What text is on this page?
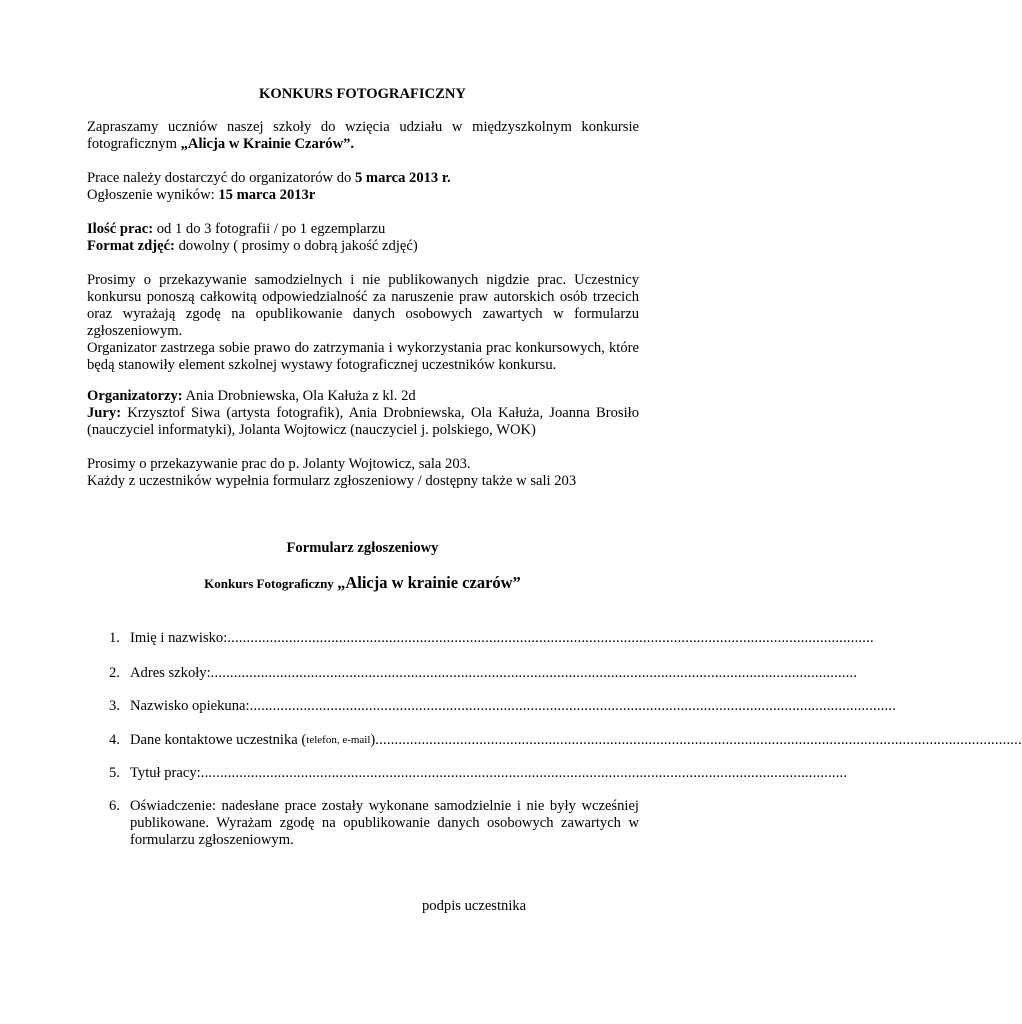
KONKURS FOTOGRAFICZNY
Zapraszamy uczniów naszej szkoły do wzięcia udziału w międzyszkolnym konkursie fotograficznym „Alicja w Krainie Czarów”.

Prace należy dostarczyć do organizatorów do 5 marca 2013 r.

Ogłoszenie wyników: 15 marca 2013r

Ilość prac: od 1 do 3 fotografii / po 1 egzemplarzu

Format zdjęć: dowolny ( prosimy o dobrą jakość zdjęć)

Prosimy o przekazywanie samodzielnych i nie publikowanych nigdzie prac. Uczestnicy konkursu ponoszą całkowitą odpowiedzialność za naruszenie praw autorskich osób trzecich oraz wyrażają zgodę na opublikowanie danych osobowych zawartych w formularzu zgłoszeniowym.

Organizator zastrzega sobie prawo do zatrzymania i wykorzystania prac konkursowych, które będą stanowiły element szkolnej wystawy fotograficznej uczestników konkursu.

Organizatorzy: Ania Drobniewska, Ola Kałuża z kl. 2d

Jury: Krzysztof Siwa (artysta fotografik), Ania Drobniewska, Ola Kałuża, Joanna Brosiło (nauczyciel informatyki), Jolanta Wojtowicz (nauczyciel j. polskiego, WOK)

Prosimy o przekazywanie prac do p. Jolanty Wojtowicz, sala 203.

Każdy z uczestników wypełnia formularz zgłoszeniowy / dostępny także w sali 203

Formularz zgłoszeniowy
Konkurs Fotograficzny „Alicja w krainie czarów”
1. Imię i nazwisko: ........................................................................................................................................................................
2. Adres szkoły: ........................................................................................................................................................................
3. Nazwisko opiekuna: ........................................................................................................................................................................
4. Dane kontaktowe uczestnika ( telefon, e-mail ) ........................................................................................................................................................................
5. Tytuł pracy: ........................................................................................................................................................................
6. Oświadczenie: nadesłane prace zostały wykonane samodzielnie i nie były wcześniej publikowane. Wyrażam zgodę na opublikowanie danych osobowych zawartych w formularzu zgłoszeniowym.
podpis uczestnika
